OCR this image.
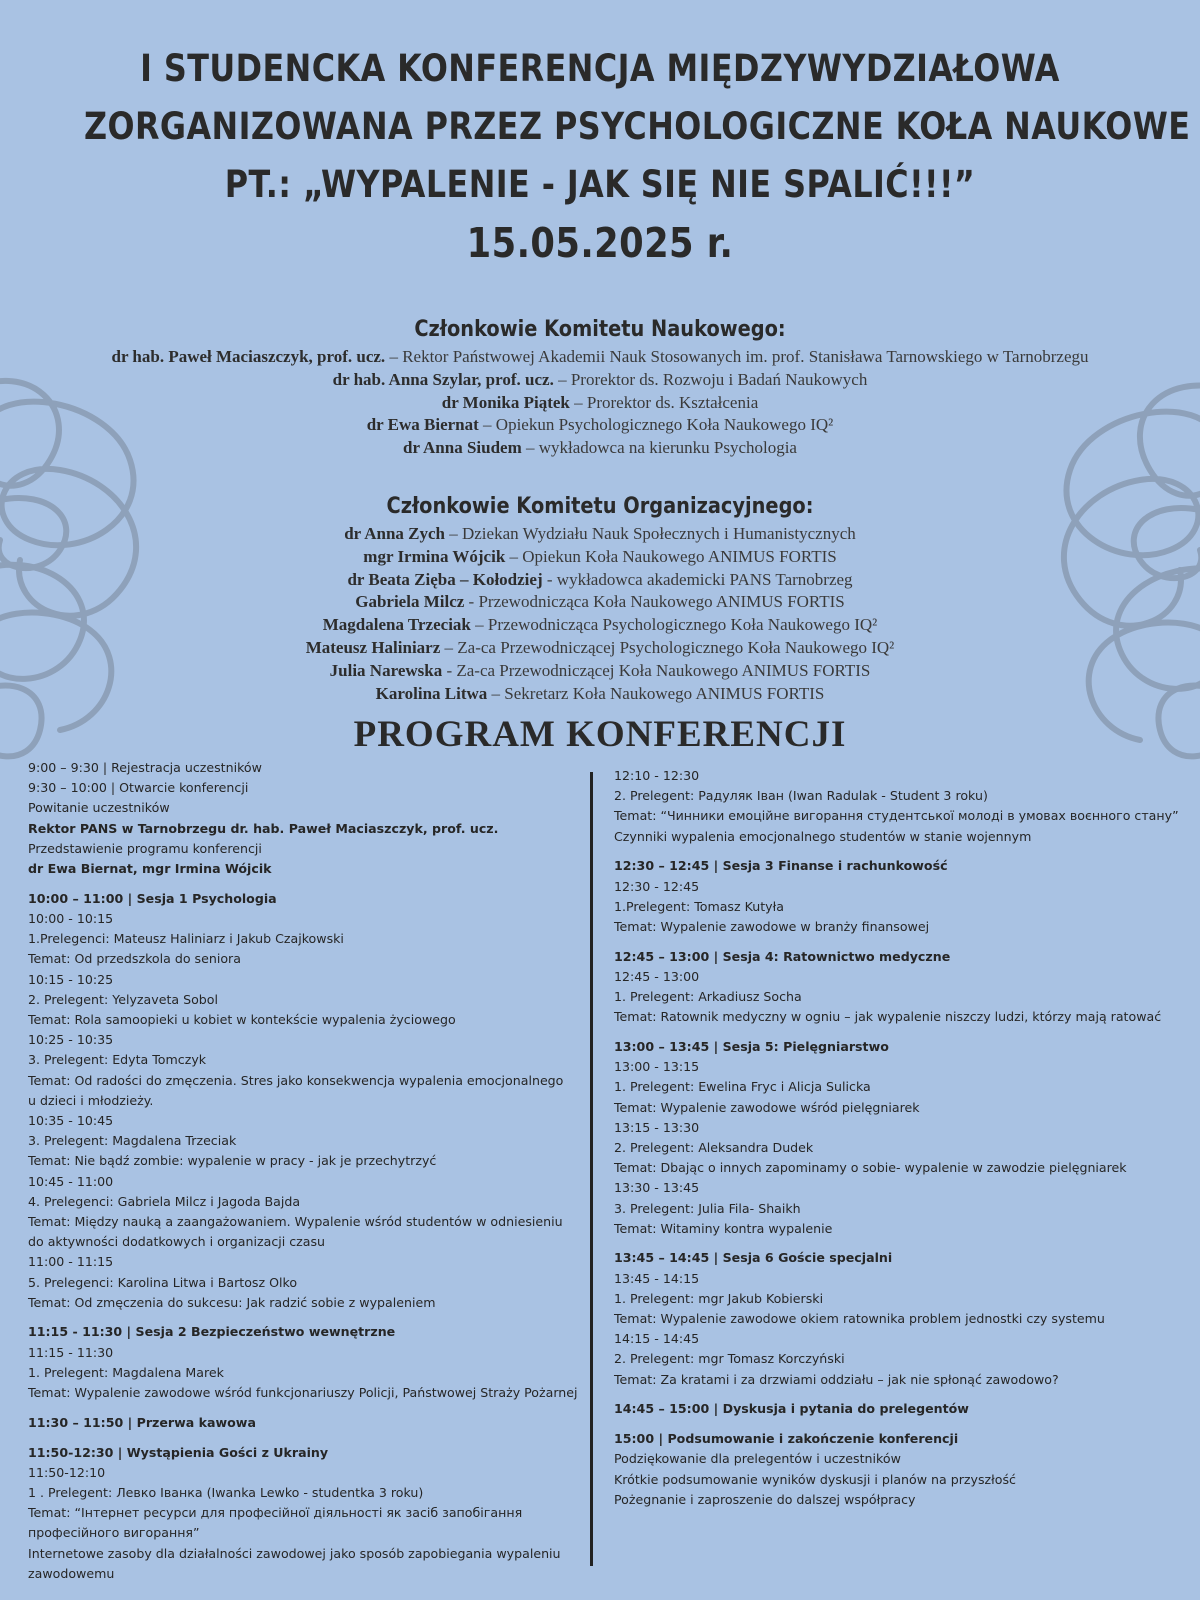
I STUDENCKA KONFERENCJA MIĘDZYWYDZIAŁOWA
ZORGANIZOWANA PRZEZ PSYCHOLOGICZNE KOŁA NAUKOWE
PT.: „WYPALENIE - JAK SIĘ NIE SPALIĆ!!!”
15.05.2025 r.
Członkowie Komitetu Naukowego:
dr hab. Paweł Maciaszczyk, prof. ucz. – Rektor Państwowej Akademii Nauk Stosowanych im. prof. Stanisława Tarnowskiego w Tarnobrzegu
dr hab. Anna Szylar, prof. ucz. – Prorektor ds. Rozwoju i Badań Naukowych
dr Monika Piątek – Prorektor ds. Kształcenia
dr Ewa Biernat – Opiekun Psychologicznego Koła Naukowego IQ²
dr Anna Siudem – wykładowca na kierunku Psychologia
Członkowie Komitetu Organizacyjnego:
dr Anna Zych – Dziekan Wydziału Nauk Społecznych i Humanistycznych
mgr Irmina Wójcik – Opiekun Koła Naukowego ANIMUS FORTIS
dr Beata Zięba – Kołodziej - wykładowca akademicki PANS Tarnobrzeg
Gabriela Milcz - Przewodnicząca Koła Naukowego ANIMUS FORTIS
Magdalena Trzeciak – Przewodnicząca Psychologicznego Koła Naukowego IQ²
Mateusz Haliniarz – Za-ca Przewodniczącej Psychologicznego Koła Naukowego IQ²
Julia Narewska - Za-ca Przewodniczącej Koła Naukowego ANIMUS FORTIS
Karolina Litwa – Sekretarz Koła Naukowego ANIMUS FORTIS
PROGRAM KONFERENCJI
9:00 – 9:30 | Rejestracja uczestników
9:30 – 10:00 | Otwarcie konferencji
Powitanie uczestników
Rektor PANS w Tarnobrzegu dr. hab. Paweł Maciaszczyk, prof. ucz.
Przedstawienie programu konferencji
dr Ewa Biernat, mgr Irmina Wójcik
10:00 – 11:00 | Sesja 1 Psychologia
10:00 - 10:15
1.Prelegenci: Mateusz Haliniarz i Jakub Czajkowski
Temat: Od przedszkola do seniora
10:15 - 10:25
2. Prelegent: Yelyzaveta Sobol
Temat: Rola samoopieki u kobiet w kontekście wypalenia życiowego
10:25 - 10:35
3. Prelegent: Edyta Tomczyk
Temat: Od radości do zmęczenia. Stres jako konsekwencja wypalenia emocjonalnego u dzieci i młodzieży.
10:35 - 10:45
3. Prelegent: Magdalena Trzeciak
Temat: Nie bądź zombie: wypalenie w pracy - jak je przechytrzyć
10:45 - 11:00
4. Prelegenci: Gabriela Milcz i Jagoda Bajda
Temat: Między nauką a zaangażowaniem. Wypalenie wśród studentów w odniesieniu do aktywności dodatkowych i organizacji czasu
11:00 - 11:15
5. Prelegenci: Karolina Litwa i Bartosz Olko
Temat: Od zmęczenia do sukcesu: Jak radzić sobie z wypaleniem
11:15 - 11:30 | Sesja 2 Bezpieczeństwo wewnętrzne
11:15 - 11:30
1. Prelegent: Magdalena Marek
Temat: Wypalenie zawodowe wśród funkcjonariuszy Policji, Państwowej Straży Pożarnej
11:30 – 11:50 | Przerwa kawowa
11:50-12:30 | Wystąpienia Gości z Ukrainy
11:50-12:10
1 . Prelegent: Левко Іванка (Iwanka Lewko - studentka 3 roku)
Temat: “Інтернет ресурси для професійної діяльності як засіб запобігання професійного вигорання”
Internetowe zasoby dla działalności zawodowej jako sposób zapobiegania wypaleniu zawodowemu
12:10 - 12:30
2. Prelegent: Радуляк Іван (Iwan Radulak - Student 3 roku)
Temat: “Чинники емоційне вигорання студентської молоді в умовах воєнного стану”
Czynniki wypalenia emocjonalnego studentów w stanie wojennym
12:30 – 12:45 | Sesja 3 Finanse i rachunkowość
12:30 - 12:45
1.Prelegent: Tomasz Kutyła
Temat: Wypalenie zawodowe w branży finansowej
12:45 – 13:00 | Sesja 4: Ratownictwo medyczne
12:45 - 13:00
1. Prelegent: Arkadiusz Socha
Temat: Ratownik medyczny w ogniu – jak wypalenie niszczy ludzi, którzy mają ratować
13:00 – 13:45 | Sesja 5: Pielęgniarstwo
13:00 - 13:15
1. Prelegent: Ewelina Fryc i Alicja Sulicka
Temat: Wypalenie zawodowe wśród pielęgniarek
13:15 - 13:30
2. Prelegent: Aleksandra Dudek
Temat: Dbając o innych zapominamy o sobie- wypalenie w zawodzie pielęgniarek
13:30 - 13:45
3. Prelegent: Julia Fila- Shaikh
Temat: Witaminy kontra wypalenie
13:45 – 14:45 | Sesja 6 Goście specjalni
13:45 - 14:15
1. Prelegent: mgr Jakub Kobierski
Temat: Wypalenie zawodowe okiem ratownika problem jednostki czy systemu
14:15 - 14:45
2. Prelegent: mgr Tomasz Korczyński
Temat: Za kratami i za drzwiami oddziału – jak nie spłonąć zawodowo?
14:45 – 15:00 | Dyskusja i pytania do prelegentów
15:00 | Podsumowanie i zakończenie konferencji
Podziękowanie dla prelegentów i uczestników
Krótkie podsumowanie wyników dyskusji i planów na przyszłość
Pożegnanie i zaproszenie do dalszej współpracy
